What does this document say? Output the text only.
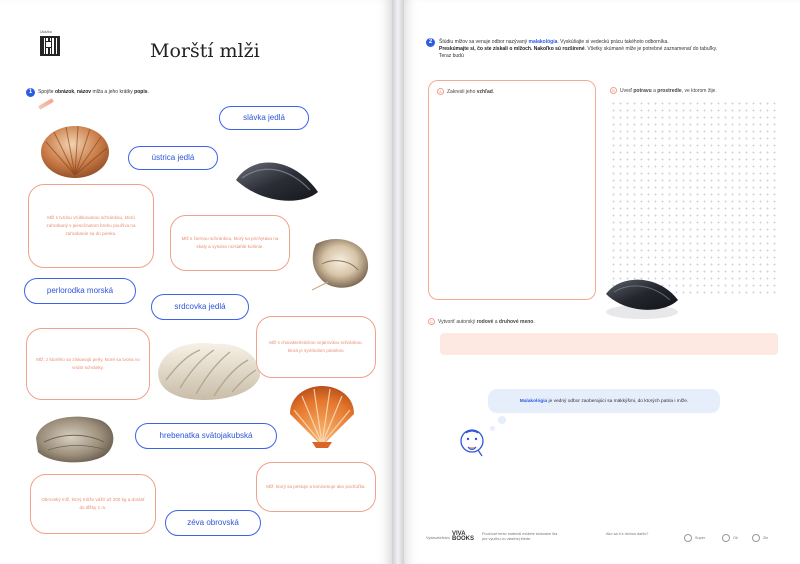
Ukážka
Morští mlži
1	Spoj/te obrázok, názov mlža a jeho krátky popis.
slávka jedlá
ústrica jedlá
perlorodka morská
srdcovka jedlá
hrebenatka svätojakubská
zéva obrovská
Mlž s tvrdou vrúbkovanou schránkou, ktorú zahrabaný v piesočnatom brehu používa na zahrabanie sa do piesku.
Mlž s čiernou schránkou, ktorý sa prichytáva na skaly a vytvára rozsiahle kolónie.
Mlž, z ktorého sa získavajú perly, ktoré sa tvoria vo vnútri schránky.
Mlž s charakteristickou vejárovitou schránkou, ktorá je symbolom pútnikov.
Mlž, ktorý sa pestuje a konzumuje ako pochúťka.
Obrovský mlž, ktorý môže vážiť až 200 kg a dorásť do dĺžky 1 m.
2	Štúdiu mlžov sa venuje odbor nazývaný malakológia. Vyskúšajte si vedeckú prácu takéhoto odborníka.
Preskúmajte si, čo ste získali o mlžoch. Nakoľko sú rozšírené. Všetky skúmané mlže je potrebné zaznamenať do tabuľky.
Teraz budú
A Zakresli jeho vzhľad.	B Uveď potravu a prostredie, ve ktorom žije.
C Vytvoriť autorský rodové a druhové meno.
Malakológia je vedný odbor zaoberajúci sa mäkkýšmi, do ktorých patria i mlže.
Vydavateľstvo
VIVA BOOKS
Používať tento materiál môžete slobodne iba pre výučbu vo vlastnej triede.
Ako sa ti s úlohou darilo?
Super	Ok	Zle
